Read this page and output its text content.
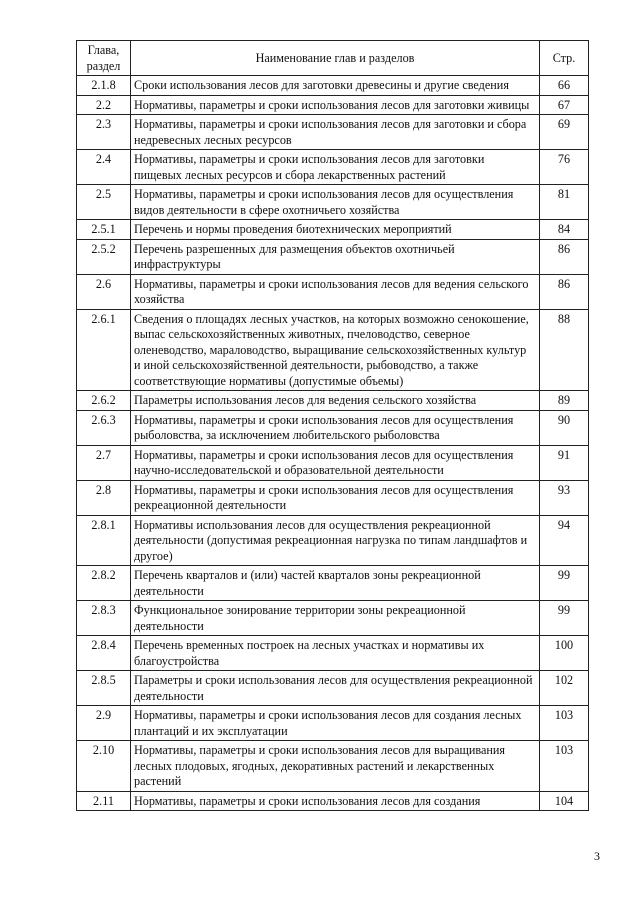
Глава, раздел	Наименование глав и разделов	Стр.
2.1.8	Сроки использования лесов для заготовки древесины и другие сведения	66
2.2	Нормативы, параметры и сроки использования лесов для заготовки живицы	67
2.3	Нормативы, параметры и сроки использования лесов для заготовки и сбора недревесных лесных ресурсов	69
2.4	Нормативы, параметры и сроки использования лесов для заготовки пищевых лесных ресурсов и сбора лекарственных растений	76
2.5	Нормативы, параметры и сроки использования лесов для осуществления видов деятельности в сфере охотничьего хозяйства	81
2.5.1	Перечень и нормы проведения биотехнических мероприятий	84
2.5.2	Перечень разрешенных для размещения объектов охотничьей инфраструктуры	86
2.6	Нормативы, параметры и сроки использования лесов для ведения сельского хозяйства	86
2.6.1	Сведения о площадях лесных участков, на которых возможно сенокошение, выпас сельскохозяйственных животных, пчеловодство, северное оленеводство, мараловодство, выращивание сельскохозяйственных культур и иной сельскохозяйственной деятельности, рыбоводство, а также соответствующие нормативы (допустимые объемы)	88
2.6.2	Параметры использования лесов для ведения сельского хозяйства	89
2.6.3	Нормативы, параметры и сроки использования лесов для осуществления рыболовства, за исключением любительского рыболовства	90
2.7	Нормативы, параметры и сроки использования лесов для осуществления научно-исследовательской и образовательной деятельности	91
2.8	Нормативы, параметры и сроки использования лесов для осуществления рекреационной деятельности	93
2.8.1	Нормативы использования лесов для осуществления рекреационной деятельности (допустимая рекреационная нагрузка по типам ландшафтов и другое)	94
2.8.2	Перечень кварталов и (или) частей кварталов зоны рекреационной деятельности	99
2.8.3	Функциональное зонирование территории зоны рекреационной деятельности	99
2.8.4	Перечень временных построек на лесных участках и нормативы их благоустройства	100
2.8.5	Параметры и сроки использования лесов для осуществления рекреационной деятельности	102
2.9	Нормативы, параметры и сроки использования лесов для создания лесных плантаций и их эксплуатации	103
2.10	Нормативы, параметры и сроки использования лесов для выращивания лесных плодовых, ягодных, декоративных растений и лекарственных растений	103
2.11	Нормативы, параметры и сроки использования лесов для создания	104
3
